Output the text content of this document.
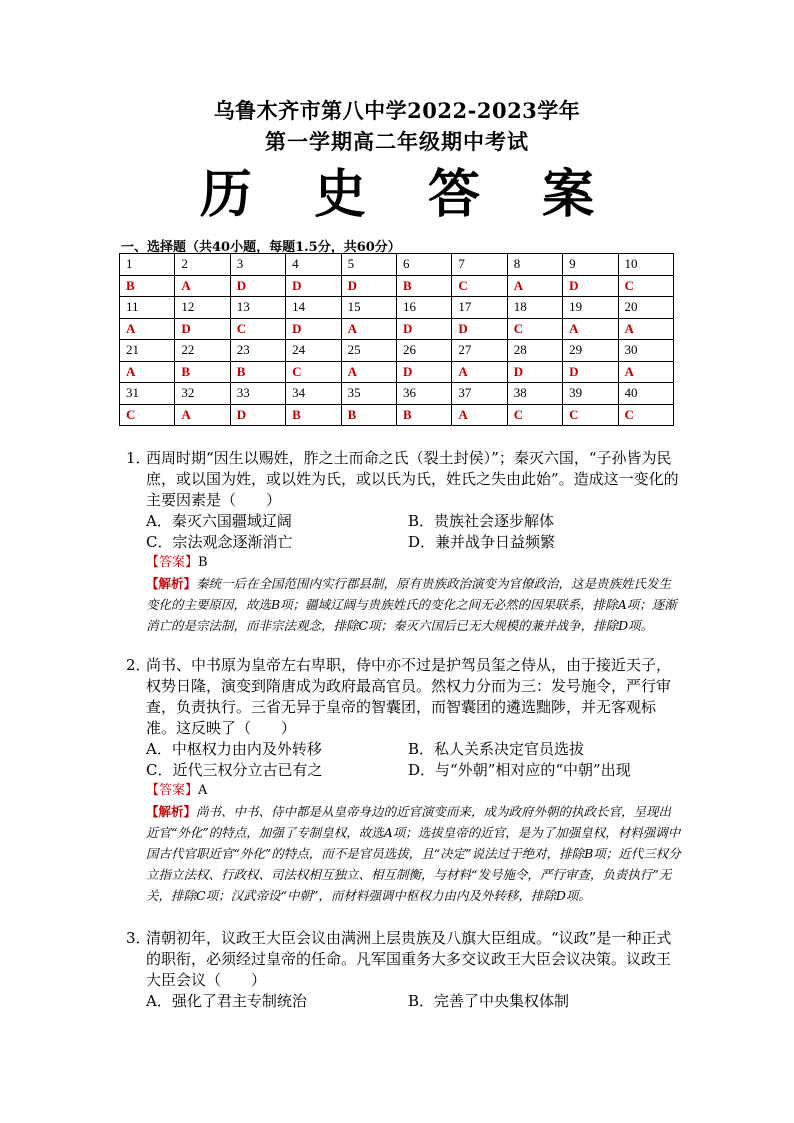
乌鲁木齐市第八中学2022-2023学年
第一学期高二年级期中考试
历 史 答 案
一、选择题（共40小题，每题1.5分，共60分）
1	2	3	4	5	6	7	8	9	10
B	A	D	D	D	B	C	A	D	C
11	12	13	14	15	16	17	18	19	20
A	D	C	D	A	D	D	C	A	A
21	22	23	24	25	26	27	28	29	30
A	B	B	C	A	D	A	D	D	A
31	32	33	34	35	36	37	38	39	40
C	A	D	B	B	B	A	C	C	C
1．
西周时期“因生以赐姓，胙之土而命之氏（裂土封侯）”；秦灭六国，“子孙皆为民庶，或以国为姓，或以姓为氏，或以氏为氏，姓氏之失由此始”。造成这一变化的主要因素是（　　）
A．秦灭六国疆域辽阔	B．贵族社会逐步解体
C．宗法观念逐渐消亡	D．兼并战争日益频繁
【答案】B
【解析】秦统一后在全国范围内实行郡县制，原有贵族政治演变为官僚政治，这是贵族姓氏发生变化的主要原因，故选B项；疆域辽阔与贵族姓氏的变化之间无必然的因果联系，排除A项；逐渐消亡的是宗法制，而非宗法观念，排除C项；秦灭六国后已无大规模的兼并战争，排除D项。
2．
尚书、中书原为皇帝左右卑职，侍中亦不过是护驾员玺之侍从，由于接近天子，权势日隆，演变到隋唐成为政府最高官员。然权力分而为三：发号施令，严行审查，负责执行。三省无异于皇帝的智囊团，而智囊团的遴选黜陟，并无客观标准。这反映了（　　）
A．中枢权力由内及外转移	B．私人关系决定官员选拔
C．近代三权分立古已有之	D．与“外朝”相对应的“中朝”出现
【答案】A
【解析】尚书、中书、侍中都是从皇帝身边的近官演变而来，成为政府外朝的执政长官，呈现出近官“外化”的特点，加强了专制皇权，故选A项；选拔皇帝的近官，是为了加强皇权，材料强调中国古代官职近官“外化”的特点，而不是官员选拔，且“决定”说法过于绝对，排除B项；近代三权分立指立法权、行政权、司法权相互独立、相互制衡，与材料“发号施令，严行审查，负责执行”无关，排除C项；汉武帝设“中朝”，而材料强调中枢权力由内及外转移，排除D项。
3．
清朝初年，议政王大臣会议由满洲上层贵族及八旗大臣组成。“议政”是一种正式的职衔，必须经过皇帝的任命。凡军国重务大多交议政王大臣会议决策。议政王大臣会议（　　）
A．强化了君主专制统治	B．完善了中央集权体制
